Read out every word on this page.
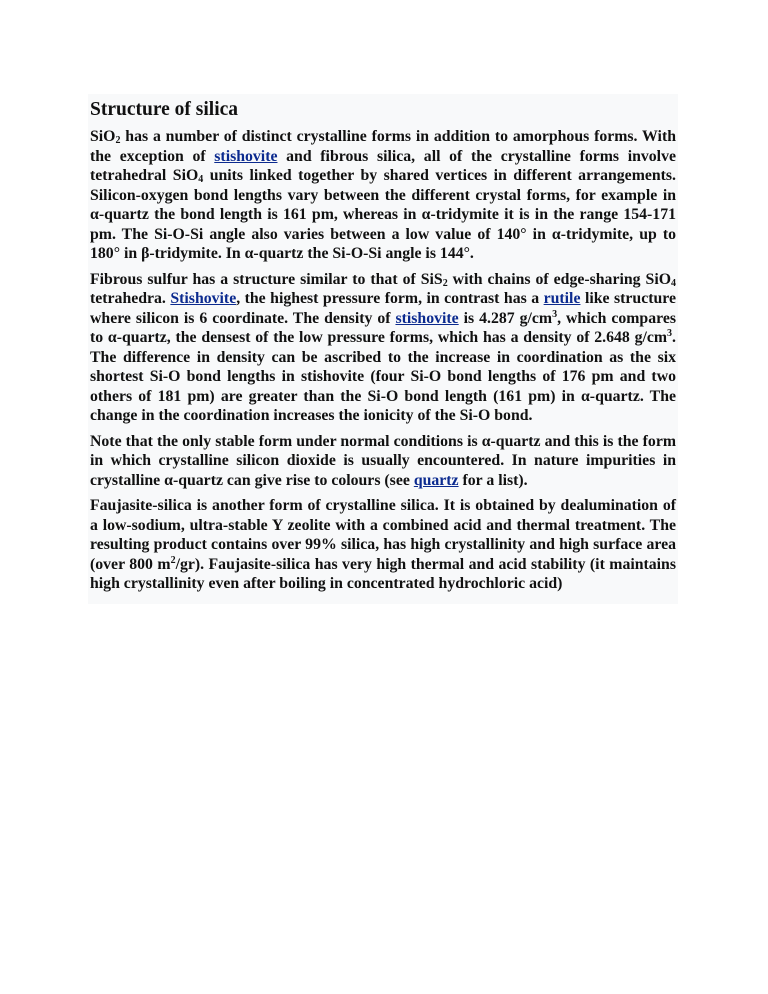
Structure of silica

SiO$_2$ has a number of distinct crystalline forms in addition to amorphous forms. With the exception of stishovite and fibrous silica, all of the crystalline forms involve tetrahedral SiO$_4$ units linked together by shared vertices in different arrangements. Silicon-oxygen bond lengths vary between the different crystal forms, for example in α-quartz the bond length is 161 pm, whereas in α-tridymite it is in the range 154-171 pm. The Si-O-Si angle also varies between a low value of 140° in α-tridymite, up to 180° in β-tridymite. In α-quartz the Si-O-Si angle is 144°.

Fibrous sulfur has a structure similar to that of SiS$_2$ with chains of edge-sharing SiO$_4$ tetrahedra. Stishovite, the highest pressure form, in contrast has a rutile like structure where silicon is 6 coordinate. The density of stishovite is 4.287 $g/cm^3$, which compares to α-quartz, the densest of the low pressure forms, which has a density of 2.648 $g/cm^3$. The difference in density can be ascribed to the increase in coordination as the six shortest Si-O bond lengths in stishovite (four Si-O bond lengths of 176 pm and two others of 181 pm) are greater than the Si-O bond length (161 pm) in α-quartz. The change in the coordination increases the ionicity of the Si-O bond.

Note that the only stable form under normal conditions is α-quartz and this is the form in which crystalline silicon dioxide is usually encountered. In nature impurities in crystalline α-quartz can give rise to colours (see quartz for a list).

Faujasite-silica is another form of crystalline silica. It is obtained by dealumination of a low-sodium, ultra-stable Y zeolite with a combined acid and thermal treatment. The resulting product contains over 99% silica, has high crystallinity and high surface area (over 800 $m^2/gr$). Faujasite-silica has very high thermal and acid stability (it maintains high crystallinity even after boiling in concentrated hydrochloric acid)
